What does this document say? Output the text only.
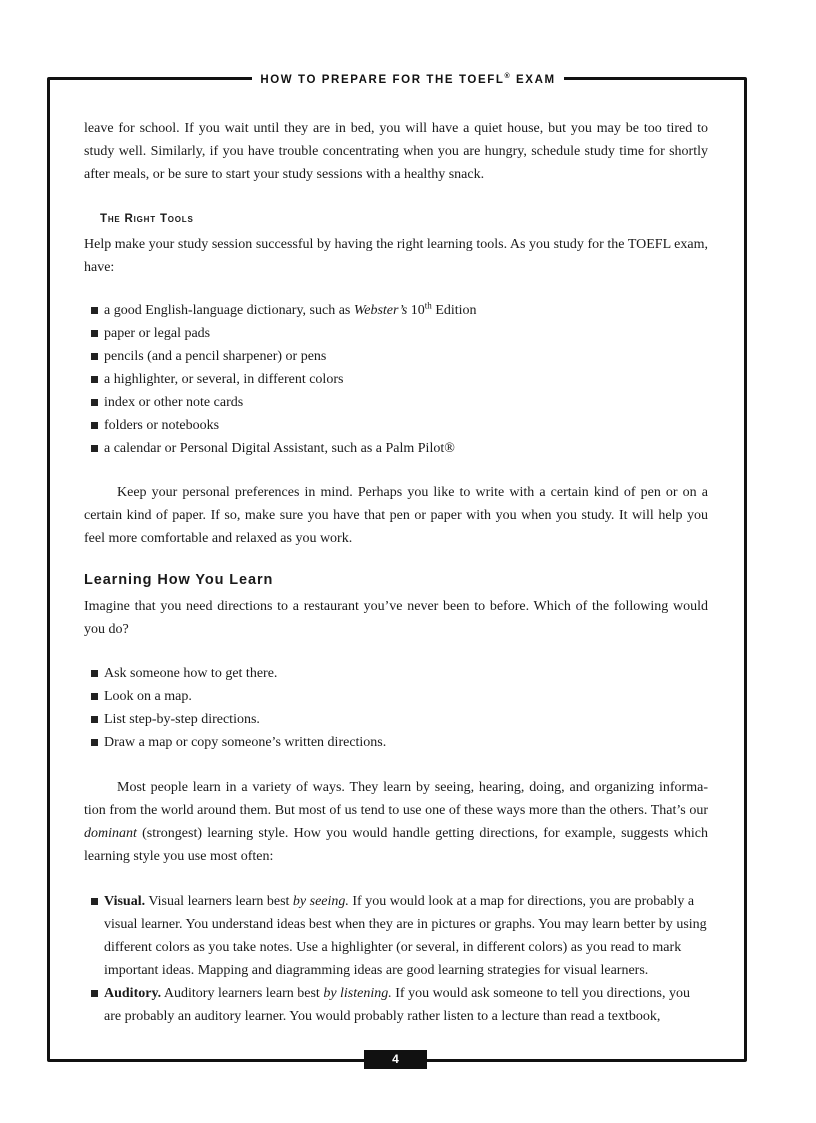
HOW TO PREPARE FOR THE TOEFL® EXAM
4
leave for school. If you wait until they are in bed, you will have a quiet house, but you may be too tired to study well. Similarly, if you have trouble concentrating when you are hungry, schedule study time for shortly after meals, or be sure to start your study sessions with a healthy snack.
The Right Tools
Help make your study session successful by having the right learning tools. As you study for the TOEFL exam, have:
a good English-language dictionary, such as Webster’s 10th Edition
paper or legal pads
pencils (and a pencil sharpener) or pens
a highlighter, or several, in different colors
index or other note cards
folders or notebooks
a calendar or Personal Digital Assistant, such as a Palm Pilot®
Keep your personal preferences in mind. Perhaps you like to write with a certain kind of pen or on a certain kind of paper. If so, make sure you have that pen or paper with you when you study. It will help you feel more comfortable and relaxed as you work.
Learning How You Learn
Imagine that you need directions to a restaurant you’ve never been to before. Which of the following would you do?
Ask someone how to get there.
Look on a map.
List step-by-step directions.
Draw a map or copy someone’s written directions.
Most people learn in a variety of ways. They learn by seeing, hearing, doing, and organizing informa-tion from the world around them. But most of us tend to use one of these ways more than the others. That’s our dominant (strongest) learning style. How you would handle getting directions, for example, suggests which learning style you use most often:
Visual. Visual learners learn best by seeing. If you would look at a map for directions, you are probably a visual learner. You understand ideas best when they are in pictures or graphs. You may learn better by using different colors as you take notes. Use a highlighter (or several, in different colors) as you read to mark important ideas. Mapping and diagramming ideas are good learning strategies for visual learners.
Auditory. Auditory learners learn best by listening. If you would ask someone to tell you directions, you are probably an auditory learner. You would probably rather listen to a lecture than read a textbook,
